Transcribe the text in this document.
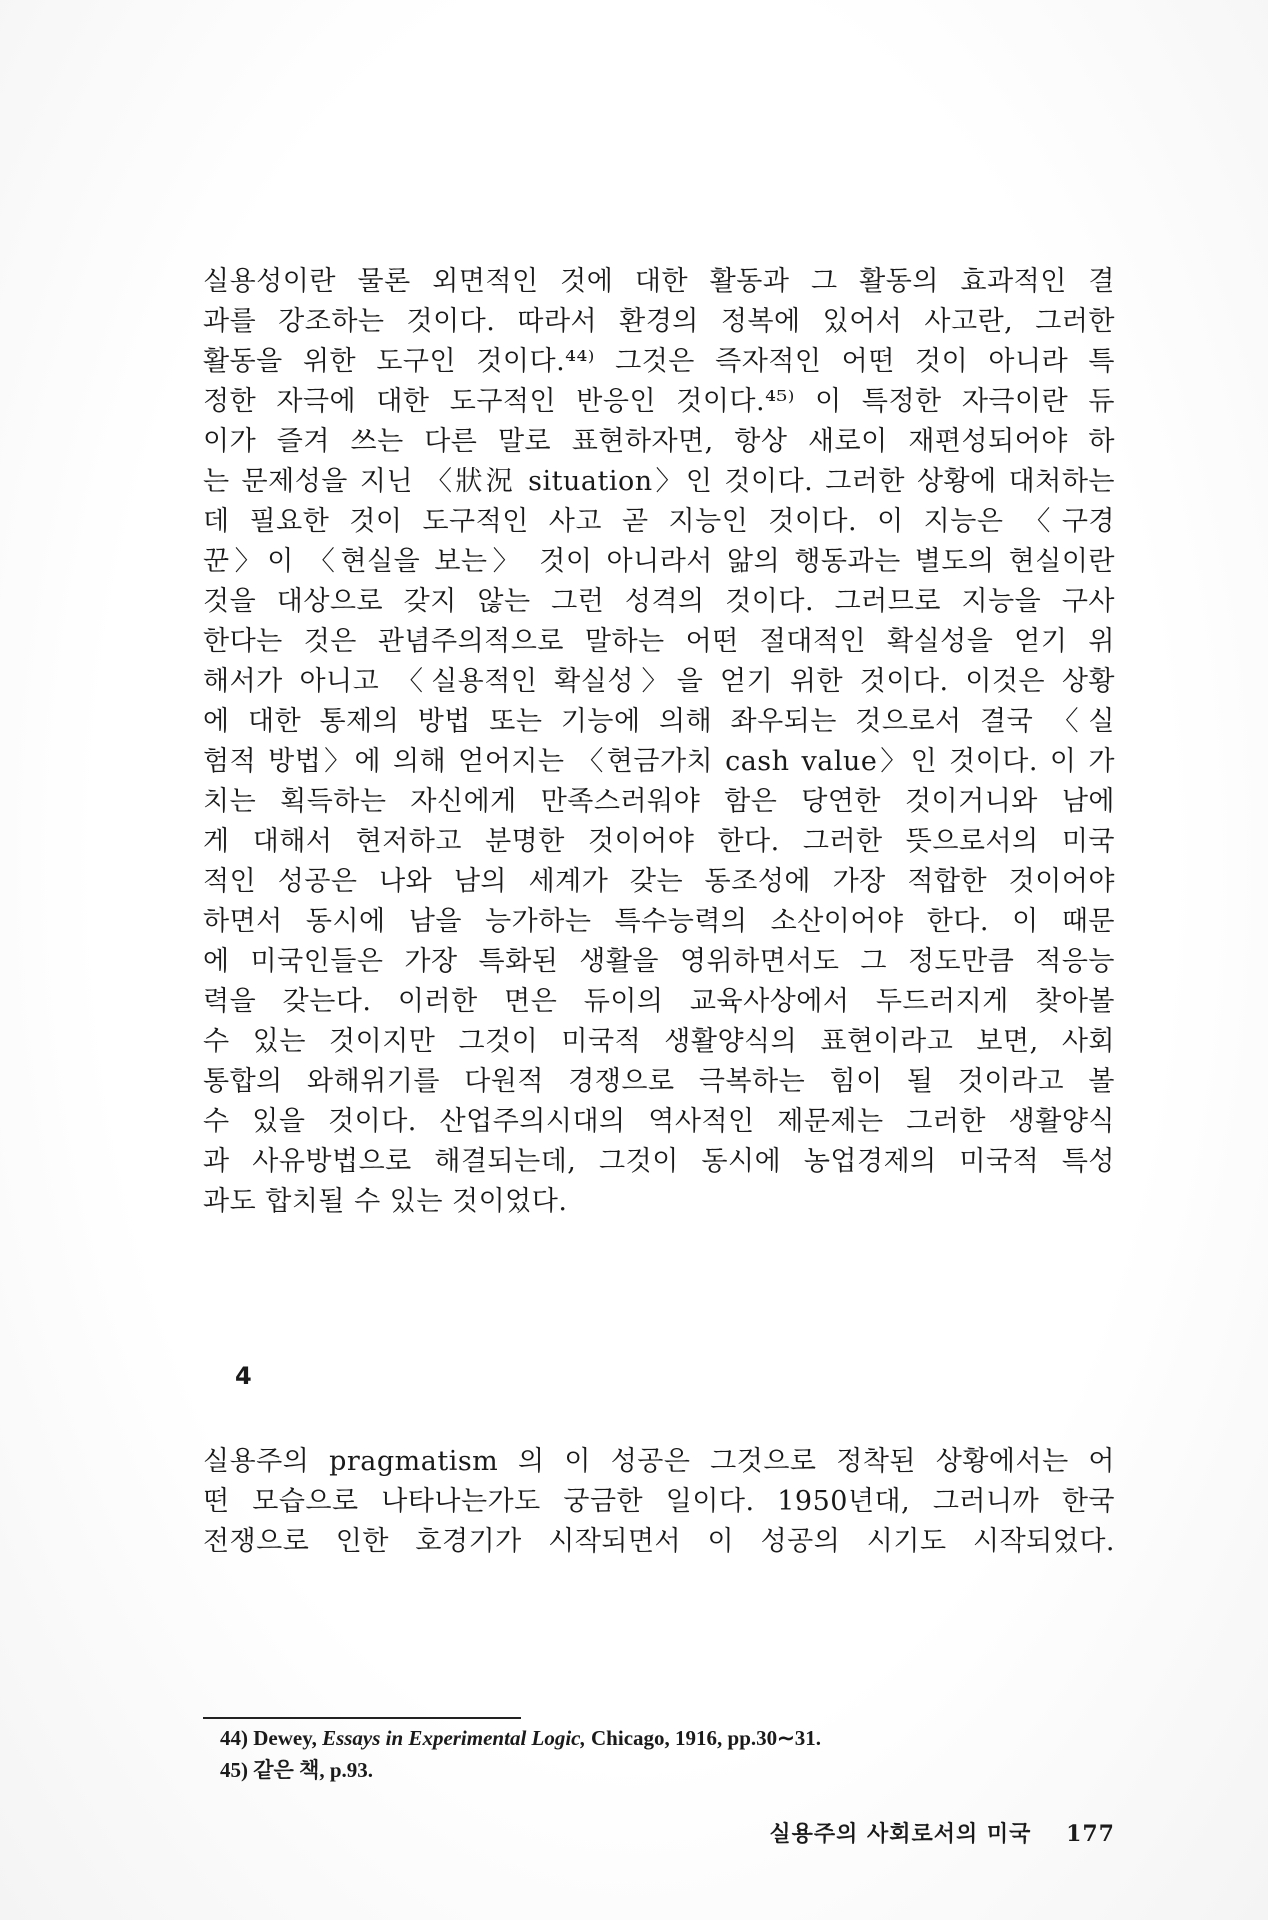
실용성이란 물론 외면적인 것에 대한 활동과 그 활동의 효과적인 결
과를 강조하는 것이다. 따라서 환경의 정복에 있어서 사고란, 그러한
활동을 위한 도구인 것이다.⁴⁴⁾ 그것은 즉자적인 어떤 것이 아니라 특
정한 자극에 대한 도구적인 반응인 것이다.⁴⁵⁾ 이 특정한 자극이란 듀
이가 즐겨 쓰는 다른 말로 표현하자면, 항상 새로이 재편성되어야 하
는 문제성을 지닌 〈狀況 situation〉인 것이다. 그러한 상황에 대처하는
데 필요한 것이 도구적인 사고 곧 지능인 것이다. 이 지능은 〈구경
꾼〉이 〈현실을 보는〉 것이 아니라서 앎의 행동과는 별도의 현실이란
것을 대상으로 갖지 않는 그런 성격의 것이다. 그러므로 지능을 구사
한다는 것은 관념주의적으로 말하는 어떤 절대적인 확실성을 얻기 위
해서가 아니고 〈실용적인 확실성〉을 얻기 위한 것이다. 이것은 상황
에 대한 통제의 방법 또는 기능에 의해 좌우되는 것으로서 결국 〈실
험적 방법〉에 의해 얻어지는 〈현금가치 cash value〉인 것이다. 이 가
치는 획득하는 자신에게 만족스러워야 함은 당연한 것이거니와 남에
게 대해서 현저하고 분명한 것이어야 한다. 그러한 뜻으로서의 미국
적인 성공은 나와 남의 세계가 갖는 동조성에 가장 적합한 것이어야
하면서 동시에 남을 능가하는 특수능력의 소산이어야 한다. 이 때문
에 미국인들은 가장 특화된 생활을 영위하면서도 그 정도만큼 적응능
력을 갖는다. 이러한 면은 듀이의 교육사상에서 두드러지게 찾아볼
수 있는 것이지만 그것이 미국적 생활양식의 표현이라고 보면, 사회
통합의 와해위기를 다원적 경쟁으로 극복하는 힘이 될 것이라고 볼
수 있을 것이다. 산업주의시대의 역사적인 제문제는 그러한 생활양식
과 사유방법으로 해결되는데, 그것이 동시에 농업경제의 미국적 특성
과도 합치될 수 있는 것이었다.
4
실용주의 pragmatism 의 이 성공은 그것으로 정착된 상황에서는 어
떤 모습으로 나타나는가도 궁금한 일이다. 1950년대, 그러니까 한국
전쟁으로 인한 호경기가 시작되면서 이 성공의 시기도 시작되었다.
44) Dewey, Essays in Experimental Logic, Chicago, 1916, pp.30∼31.
45) 같은 책, p.93.
실용주의 사회로서의 미국 177
